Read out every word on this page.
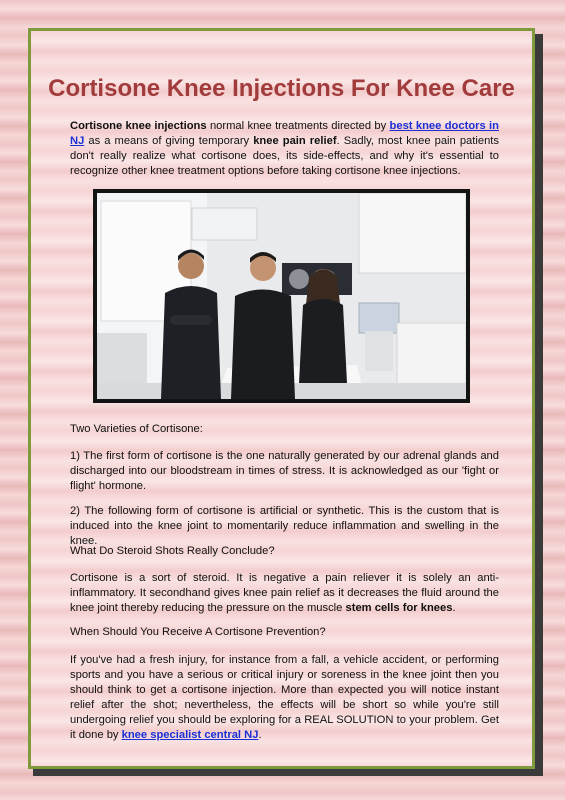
Cortisone Knee Injections For Knee Care

Cortisone knee injections normal knee treatments directed by best knee doctors in NJ as a means of giving temporary knee pain relief. Sadly, most knee pain patients don't really realize what cortisone does, its side-effects, and why it's essential to recognize other knee treatment options before taking cortisone knee injections.

Two Varieties of Cortisone:

1) The first form of cortisone is the one naturally generated by our adrenal glands and discharged into our bloodstream in times of stress. It is acknowledged as our 'fight or flight' hormone.

2) The following form of cortisone is artificial or synthetic. This is the custom that is induced into the knee joint to momentarily reduce inflammation and swelling in the knee.

What Do Steroid Shots Really Conclude?

Cortisone is a sort of steroid. It is negative a pain reliever it is solely an anti-inflammatory. It secondhand gives knee pain relief as it decreases the fluid around the knee joint thereby reducing the pressure on the muscle stem cells for knees.

When Should You Receive A Cortisone Prevention?

If you've had a fresh injury, for instance from a fall, a vehicle accident, or performing sports and you have a serious or critical injury or soreness in the knee joint then you should think to get a cortisone injection. More than expected you will notice instant relief after the shot; nevertheless, the effects will be short so while you're still undergoing relief you should be exploring for a REAL SOLUTION to your problem. Get it done by knee specialist central NJ.
